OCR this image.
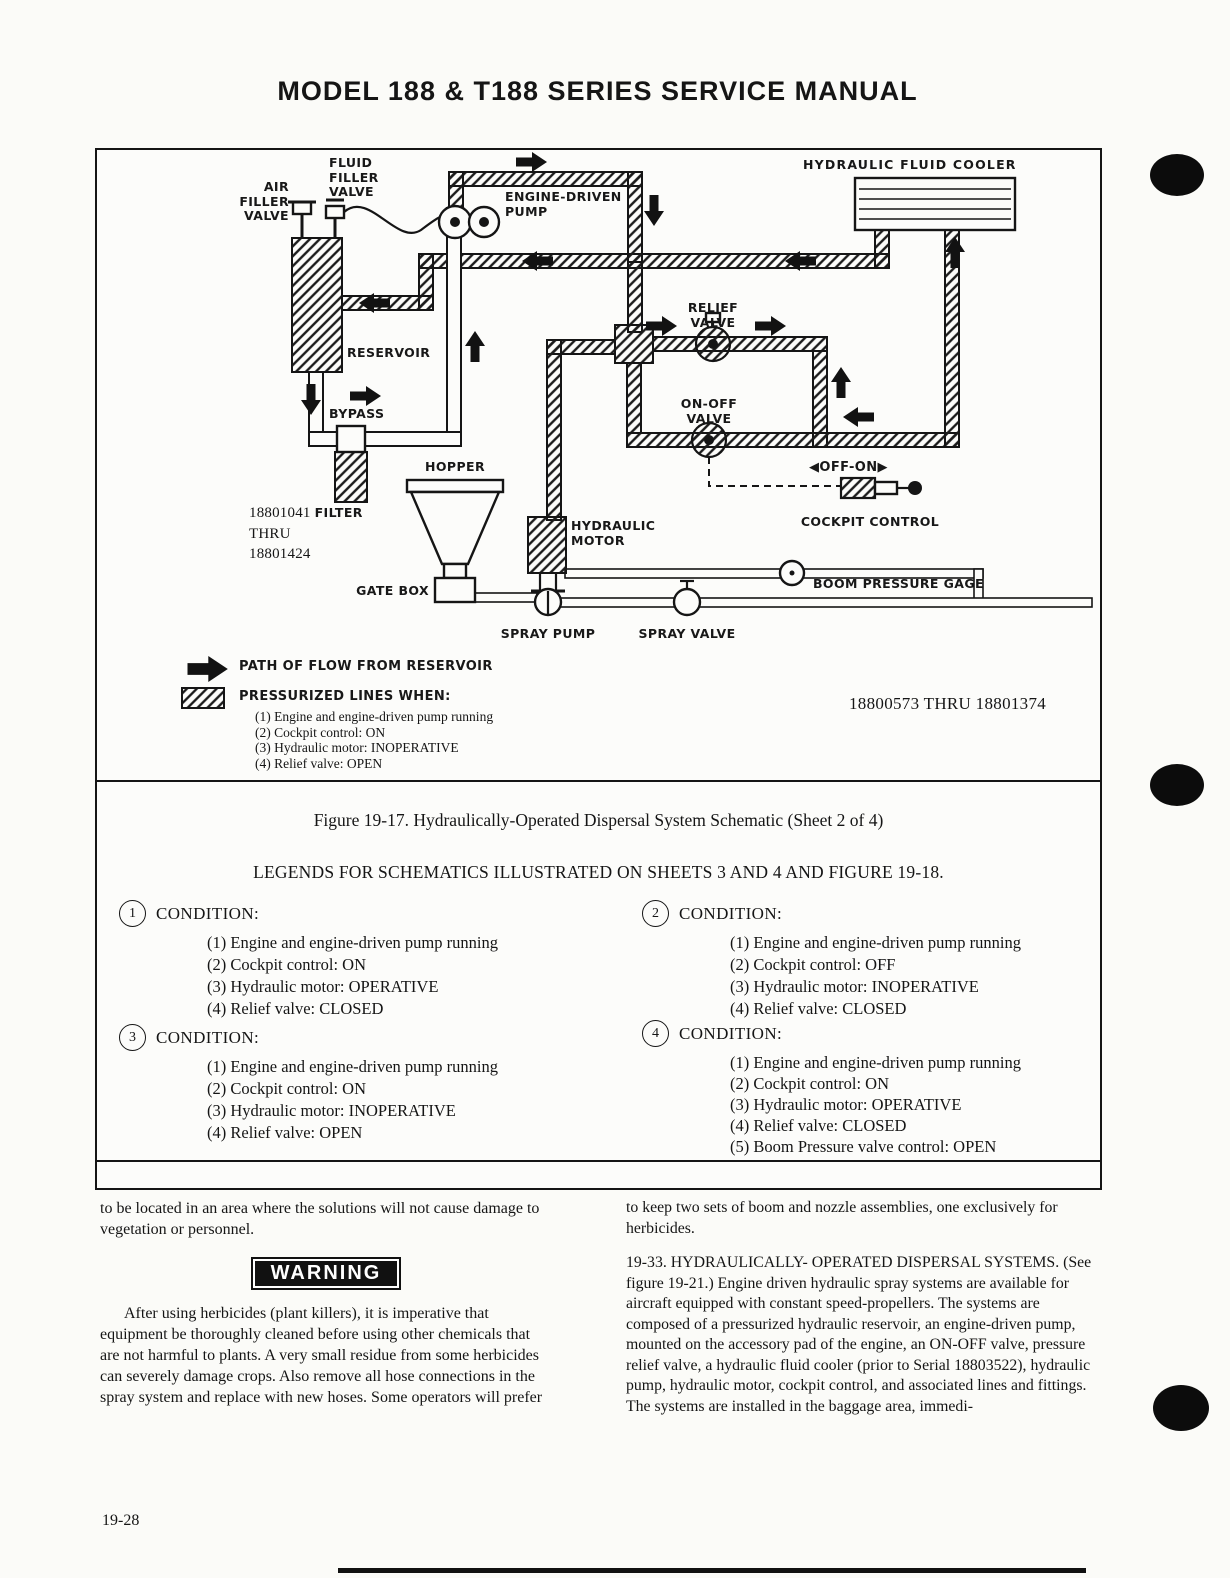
MODEL 188 & T188 SERIES SERVICE MANUAL
AIR
FILLER
VALVE
FLUID
FILLER
VALVE	ENGINE-DRIVEN
PUMP
HYDRAULIC FLUID COOLER
RESERVOIR
RELIEF
VALVE
BYPASS
ON-OFF
VALVE
◀OFF-ON▶
COCKPIT CONTROL
18801041 FILTER
THRU
18801424
HOPPER
GATE BOX
HYDRAULIC
MOTOR
SPRAY PUMP	SPRAY VALVE
BOOM PRESSURE GAGE
PATH OF FLOW FROM RESERVOIR
PRESSURIZED LINES WHEN:
(1) Engine and engine-driven pump running
(2) Cockpit control: ON
(3) Hydraulic motor: INOPERATIVE
(4) Relief valve: OPEN
18800573 THRU 18801374
Figure 19-17. Hydraulically-Operated Dispersal System Schematic (Sheet 2 of 4)
LEGENDS FOR SCHEMATICS ILLUSTRATED ON SHEETS 3 AND 4 AND FIGURE 19-18.
1	CONDITION:
(1) Engine and engine-driven pump running
(2) Cockpit control: ON
(3) Hydraulic motor: OPERATIVE
(4) Relief valve: CLOSED
2	CONDITION:
(1) Engine and engine-driven pump running
(2) Cockpit control: OFF
(3) Hydraulic motor: INOPERATIVE
(4) Relief valve: CLOSED
3	CONDITION:
(1) Engine and engine-driven pump running
(2) Cockpit control: ON
(3) Hydraulic motor: INOPERATIVE
(4) Relief valve: OPEN
4	CONDITION:
(1) Engine and engine-driven pump running
(2) Cockpit control: ON
(3) Hydraulic motor: OPERATIVE
(4) Relief valve: CLOSED
(5) Boom Pressure valve control: OPEN

to be located in an area where the solutions will not cause damage to vegetation or personnel.

WARNING

After using herbicides (plant killers), it is imperative that equipment be thoroughly cleaned before using other chemicals that are not harmful to plants. A very small residue from some herbicides can severely damage crops. Also remove all hose connections in the spray system and replace with new hoses. Some operators will prefer

to keep two sets of boom and nozzle assemblies, one exclusively for herbicides.

19-33. HYDRAULICALLY- OPERATED DISPERSAL SYSTEMS. (See figure 19-21.) Engine driven hydraulic spray systems are available for aircraft equipped with constant speed-propellers. The systems are composed of a pressurized hydraulic reservoir, an engine-driven pump, mounted on the accessory pad of the engine, an ON-OFF valve, pressure relief valve, a hydraulic fluid cooler (prior to Serial 18803522), hydraulic pump, hydraulic motor, cockpit control, and associated lines and fittings. The systems are installed in the baggage area, immedi-

19-28
